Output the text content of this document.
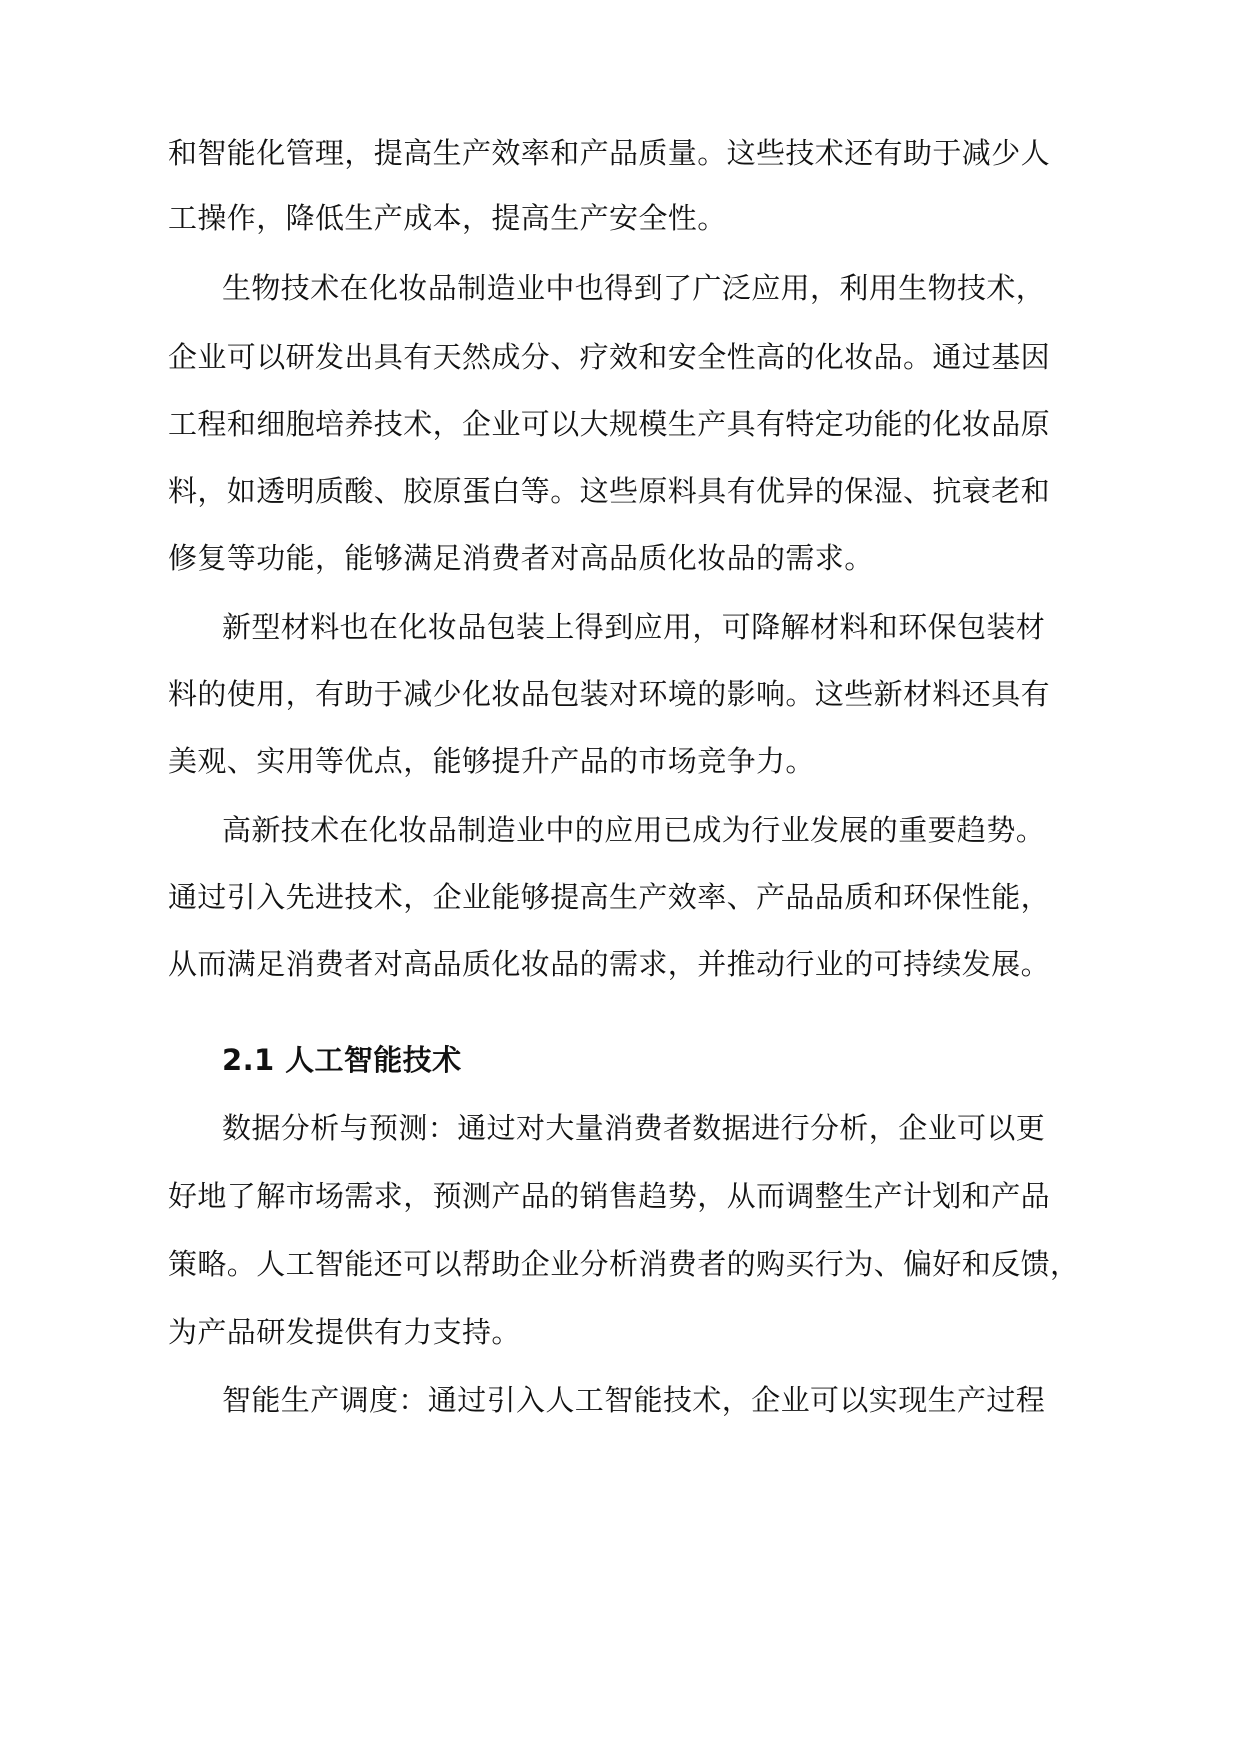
和智能化管理，提高生产效率和产品质量。这些技术还有助于减少人
工操作，降低生产成本，提高生产安全性。
生物技术在化妆品制造业中也得到了广泛应用，利用生物技术，
企业可以研发出具有天然成分、疗效和安全性高的化妆品。通过基因
工程和细胞培养技术，企业可以大规模生产具有特定功能的化妆品原
料，如透明质酸、胶原蛋白等。这些原料具有优异的保湿、抗衰老和
修复等功能，能够满足消费者对高品质化妆品的需求。
新型材料也在化妆品包装上得到应用，可降解材料和环保包装材
料的使用，有助于减少化妆品包装对环境的影响。这些新材料还具有
美观、实用等优点，能够提升产品的市场竞争力。
高新技术在化妆品制造业中的应用已成为行业发展的重要趋势。
通过引入先进技术，企业能够提高生产效率、产品品质和环保性能，
从而满足消费者对高品质化妆品的需求，并推动行业的可持续发展。
2.1 人工智能技术
数据分析与预测：通过对大量消费者数据进行分析，企业可以更
好地了解市场需求，预测产品的销售趋势，从而调整生产计划和产品
策略。人工智能还可以帮助企业分析消费者的购买行为、偏好和反馈，
为产品研发提供有力支持。
智能生产调度：通过引入人工智能技术，企业可以实现生产过程
